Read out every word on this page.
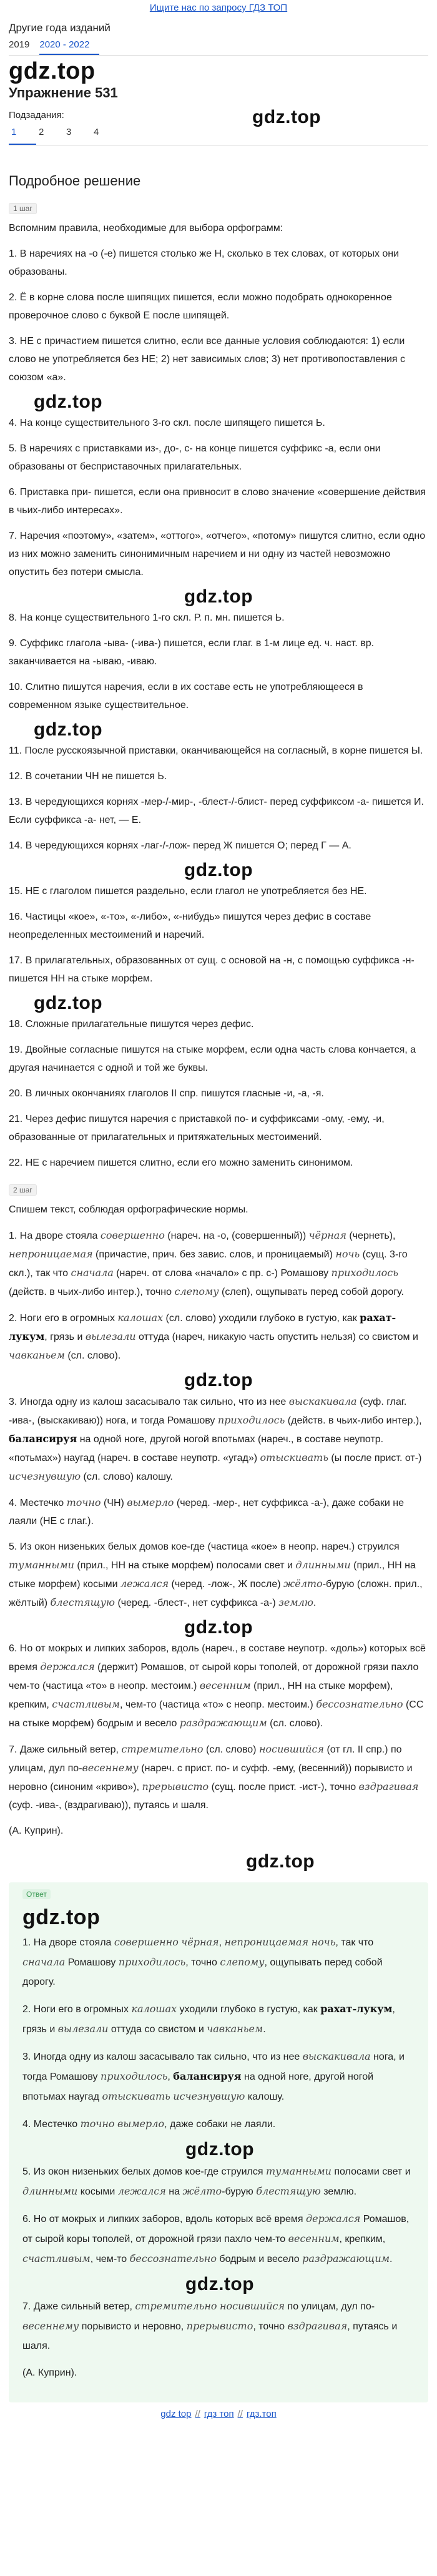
Ищите нас по запросу ГДЗ ТОП
Другие года изданий
2019	2020 - 2022
gdz.top
Упражнение 531
Подзадания:
1	2	3	4
gdz.top
Подробное решение
1 шаг

Вспомним правила, необходимые для выбора орфограмм:

1. В наречиях на -о (-е) пишется столько же Н, сколько в тех словах, от которых они образованы.

2. Ё в корне слова после шипящих пишется, если можно подобрать однокоренное проверочное слово с буквой Е после шипящей.

3. НЕ с причастием пишется слитно, если все данные условия соблюдаются: 1) если слово не употребляется без НЕ; 2) нет зависимых слов; 3) нет противопоставления с союзом «а».

gdz.top

4. На конце существительного 3-го скл. после шипящего пишется Ь.

5. В наречиях с приставками из-, до-, с- на конце пишется суффикс -а, если они образованы от бесприставочных прилагательных.

6. Приставка при- пишется, если она привносит в слово значение «совершение действия в чьих-либо интересах».

7. Наречия «поэтому», «затем», «оттого», «отчего», «потому» пишутся слитно, если одно из них можно заменить синонимичным наречием и ни одну из частей невозможно опустить без потери смысла.

gdz.top

8. На конце существительного 1-го скл. Р. п. мн. пишется Ь.

9. Суффикс глагола -ыва- (-ива-) пишется, если глаг. в 1-м лице ед. ч. наст. вр. заканчивается на -ываю, -иваю.

10. Слитно пишутся наречия, если в их составе есть не употребляющееся в современном языке существительное.

gdz.top

11. После русскоязычной приставки, оканчивающейся на согласный, в корне пишется Ы.

12. В сочетании ЧН не пишется Ь.

13. В чередующихся корнях -мер-/-мир-, -блест-/-блист- перед суффиксом -а- пишется И. Если суффикса -а- нет, — Е.

14. В чередующихся корнях -лаг-/-лож- перед Ж пишется О; перед Г — А.

gdz.top

15. НЕ с глаголом пишется раздельно, если глагол не употребляется без НЕ.

16. Частицы «кое», «-то», «-либо», «-нибудь» пишутся через дефис в составе неопределенных местоимений и наречий.

17. В прилагательных, образованных от сущ. с основой на -н, с помощью суффикса -н- пишется НН на стыке морфем.

gdz.top

18. Сложные прилагательные пишутся через дефис.

19. Двойные согласные пишутся на стыке морфем, если одна часть слова кончается, а другая начинается с одной и той же буквы.

20. В личных окончаниях глаголов II спр. пишутся гласные -и, -а, -я.

21. Через дефис пишутся наречия с приставкой по- и суффиксами -ому, -ему, -и, образованные от прилагательных и притяжательных местоимений.

22. НЕ с наречием пишется слитно, если его можно заменить синонимом.

2 шаг

Спишем текст, соблюдая орфографические нормы.

1. На дворе стояла совершенно (нареч. на -о, (совершенный)) чёрная (чернеть), непроницаемая (причастие, прич. без завис. слов, и проницаемый) ночь (сущ. 3-го скл.), так что сначала (нареч. от слова «начало» с пр. с-) Ромашову приходилось (действ. в чьих-либо интер.), точно слепому (слеп), ощупывать перед собой дорогу.

2. Ноги его в огромных калошах (сл. слово) уходили глубоко в густую, как рахат-лукум, грязь и вылезали оттуда (нареч, никакую часть опустить нельзя) со свистом и чавканьем (сл. слово).

gdz.top

3. Иногда одну из калош засасывало так сильно, что из нее выскакивала (суф. глаг. -ива-, (выскакиваю)) нога, и тогда Ромашову приходилось (действ. в чьих-либо интер.), балансируя на одной ноге, другой ногой впотьмах (нареч., в составе неупотр. «потьмах») наугад (нареч. в составе неупотр. «угад») отыскивать (ы после прист. от-) исчезнувшую (сл. слово) калошу.

4. Местечко точно (ЧН) вымерло (черед. -мер-, нет суффикса -а-), даже собаки не лаяли (НЕ с глаг.).

5. Из окон низеньких белых домов кое-где (частица «кое» в неопр. нареч.) струился туманными (прил., НН на стыке морфем) полосами свет и длинными (прил., НН на стыке морфем) косыми лежался (черед. -лож-, Ж после) жёлто-бурую (сложн. прил., жёлтый) блестящую (черед. -блест-, нет суффикса -а-) землю.

gdz.top

6. Но от мокрых и липких заборов, вдоль (нареч., в составе неупотр. «доль») которых всё время держался (держит) Ромашов, от сырой коры тополей, от дорожной грязи пахло чем-то (частица «то» в неопр. местоим.) весенним (прил., НН на стыке морфем), крепким, счастливым, чем-то (частица «то» с неопр. местоим.) бессознательно (СС на стыке морфем) бодрым и весело раздражающим (сл. слово).

7. Даже сильный ветер, стремительно (сл. слово) носившийся (от гл. II спр.) по улицам, дул по-весеннему (нареч. с прист. по- и суфф. -ему, (весенний)) порывисто и неровно (синоним «криво»), прерывисто (сущ. после прист. -ист-), точно вздрагивая (суф. -ива-, (вздрагиваю)), путаясь и шаля.

(А. Куприн).

gdz.top
Ответ
gdz.top

1. На дворе стояла совершенно чёрная, непроницаемая ночь, так что сначала Ромашову приходилось, точно слепому, ощупывать перед собой дорогу.

2. Ноги его в огромных калошах уходили глубоко в густую, как рахат-лукум, грязь и вылезали оттуда со свистом и чавканьем.

3. Иногда одну из калош засасывало так сильно, что из нее выскакивала нога, и тогда Ромашову приходилось, балансируя на одной ноге, другой ногой впотьмах наугад отыскивать исчезнувшую калошу.

4. Местечко точно вымерло, даже собаки не лаяли.

gdz.top

5. Из окон низеньких белых домов кое-где струился туманными полосами свет и длинными косыми лежался на жёлто-бурую блестящую землю.

6. Но от мокрых и липких заборов, вдоль которых всё время держался Ромашов, от сырой коры тополей, от дорожной грязи пахло чем-то весенним, крепким, счастливым, чем-то бессознательно бодрым и весело раздражающим.

gdz.top

7. Даже сильный ветер, стремительно носившийся по улицам, дул по-весеннему порывисто и неровно, прерывисто, точно вздрагивая, путаясь и шаля.

(А. Куприн).

gdz top // гдз топ // гдз.топ
